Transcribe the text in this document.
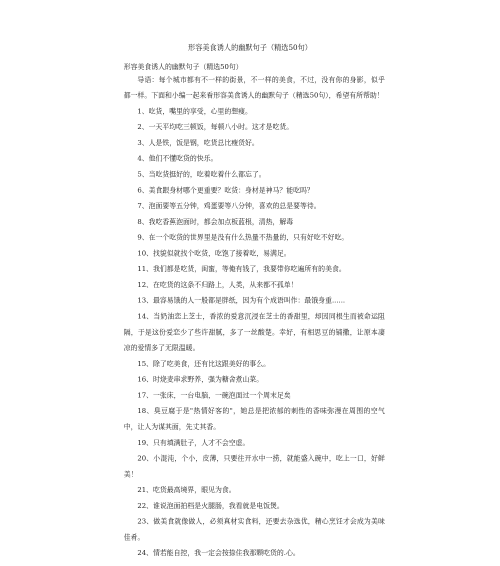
形容美食诱人的幽默句子（精选50句）
形容美食诱人的幽默句子（精选50句）
导语：每个城市都有不一样的街景，不一样的美食，不过，没有你的身影，似乎都一样。下面和小编一起来看形容美食诱人的幽默句子（精选50句），希望有所帮助！
1、吃货，嘴里的享受，心里的想瘦。
2、一天平均吃三顿饭，每顿八小时。这才是吃货。
3、人是铁，饭是钢，吃货总比瘦货好。
4、他们不懂吃货的快乐。
5、当吃货挺好的，吃着吃着什么都忘了。
6、美食跟身材哪个更重要？吃货：身材是神马？能吃吗？
7、泡面要等五分钟，鸡蛋要等八分钟，喜欢的总是要等待。
8、我吃香蕉泡面时，都会加点板蓝根，清热，解毒
9、在一个吃货的世界里是没有什么热量不热量的，只有好吃不好吃。
10、找貌似就找个吃货，吃饱了接着吃，易满足。
11、我们都是吃货，闺蜜，等俺有钱了，我要带你吃遍所有的美食。
12、在吃货的这条不归路上，人类，从来都不孤单！
13、最容易饿的人一般都是胖纸，因为有个成语叫作：最饿身重......
14、当奶油恋上芝士，香浓的爱意沉浸在芝士的香甜里，却因同根生而被命运阻隔，于是这份爱恋少了些许甜腻，多了一丝酸楚。幸好，有相思豆的铺撒，让原本凄凉的爱情多了无限温暖。
15、除了吃美食，还有比这跟美好的事么。
16、时烧麦串求野养，强为糖舍煮山菜。
17、一张床，一台电脑，一碗泡面过一个周末足矣
18、臭豆腐于是"热情好客的"，她总是把浓郁的刺性的香味弥漫在周围的空气中，让人为谋其面，先丈其香。
19、只有填满肚子，人才不会空虚。
20、小混沌，个小，皮薄，只要往开水中一捞，就能盛入碗中，吃上一口，好鲜美！
21、吃货最高境界，眼见为食。
22、谁说泡面拍档是火腿肠，我看就是电饭煲。
23、做美食就像做人，必须真材实食料，还要去杂选优，精心烹饪才会成为美味佳肴。
24、情若能自控，我一定会按捺住我那颗吃货的.心。
